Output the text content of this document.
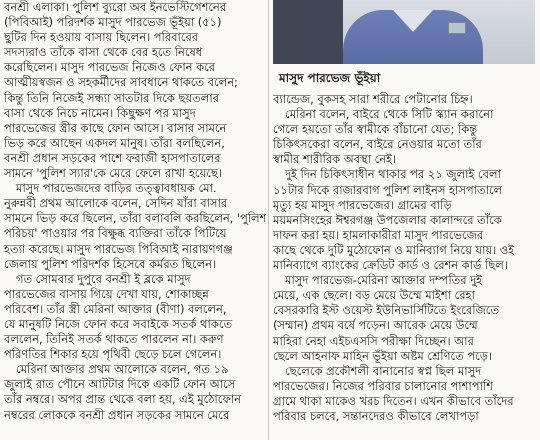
বনশ্রী এলাকা। পুলিশ ব্যুরো অব ইনভেস্টিগেশনের
(পিবিআই) পরিদর্শক মাসুদ পারভেজ ভূঁইয়া (৫১)
ছুটির দিন হওয়ায় বাসায় ছিলেন। পরিবারের
সদস্যরাও তাঁকে বাসা থেকে বের হতে নিষেধ
করেছিলেন। মাসুদ পারভেজ নিজেও ফোন করে
আত্মীয়স্বজন ও সহকর্মীদের সাবধানে থাকতে বলেন;
কিন্তু তিনি নিজেই সন্ধ্যা সাতটার দিকে ছয়তলার
বাসা থেকে নিচে নামেন। কিছুক্ষণ পর মাসুদ
পারভেজের স্ত্রীর কাছে ফোন আসে। বাসার সামনে
ভিড় করে আছেন একদল মানুষ। তাঁরা বলছিলেন,
বনশ্রী প্রধান সড়কের পাশে ফরাজী হাসপাতালের
সামনে 'পুলিশ স্যার'কে মেরে ফেলে রাখা হয়েছে।
মাসুদ পারভেজদের বাড়ির তত্ত্বাবধায়ক মো.
নুরুন্নবী প্রথম আলোকে বলেন, সেদিন যাঁরা বাসার
সামনে ভিড় করে ছিলেন, তাঁরা বলাবলি করছিলেন, 'পুলিশ
পরিচয়' পাওয়ার পর বিক্ষুব্ধ ব্যক্তিরা তাঁকে পিটিয়ে
হত্যা করেছে। মাসুদ পারভেজ পিবিআই নারায়ণগঞ্জ
জেলায় পুলিশ পরিদর্শক হিসেবে কর্মরত ছিলেন।
গত সোমবার দুপুরে বনশ্রী ই ব্লকে মাসুদ
পারভেজের বাসায় গিয়ে দেখা যায়, শোকাচ্ছন্ন
পরিবেশ। তাঁর স্ত্রী মেরিনা আক্তার (বীণা) বললেন,
যে মানুষটি নিজে ফোন করে সবাইকে সতর্ক থাকতে
বললেন, তিনিই সতর্ক থাকতে পারলেন না। করুণ
পরিণতির শিকার হয়ে পৃথিবী ছেড়ে চলে গেলেন।
মেরিনা আক্তার প্রথম আলোকে বলেন, গত ১৯
জুলাই রাত পৌনে আটটার দিকে একটি ফোন আসে
তাঁর নম্বরে। অপর প্রান্ত থেকে বলা হয়, এই মুঠোফোন
নম্বরের লোককে বনশ্রী প্রধান সড়কের সামনে মেরে
মাসুদ পারভেজ ভূঁইয়া
ব্যান্ডেজ, বুকসহ সারা শরীরে পেটানোর চিহ্ন।
মেরিনা বলেন, বাইরে থেকে সিটি স্ক্যান করানো
গেলে হয়তো তাঁর স্বামীকে বাঁচানো যেত; কিন্তু
চিকিৎসকেরা বলেন, বাইরে নেওয়ার মতো তাঁর
স্বামীর শারীরিক অবস্থা নেই।
দুই দিন চিকিৎসাধীন থাকার পর ২১ জুলাই বেলা
১১টার দিকে রাজারবাগ পুলিশ লাইনস হাসপাতালে
মৃত্যু হয় মাসুদ পারভেজের। গ্রামের বাড়ি
ময়মনসিংহের ঈশ্বরগঞ্জ উপজেলার কালান্দরে তাঁকে
দাফন করা হয়। হামলাকারীরা মাসুদ পারভেজের
কাছে থেকে দুটি মুঠোফোন ও মানিব্যাগ নিয়ে যায়। ওই
মানিব্যাগে ব্যাংকের ক্রেডিট কার্ড ও রেশন কার্ড ছিল।
মাসুদ পারভেজ-মেরিনা আক্তার দম্পতির দুই
মেয়ে, এক ছেলে। বড় মেয়ে উম্মে মাইশা রেহা
বেসরকারি ইস্ট ওয়েস্ট ইউনিভার্সিটিতে ইংরেজিতে
(সম্মান) প্রথম বর্ষে পড়েন। আরেক মেয়ে উম্মে
মাহিরা নেহা এইচএসসি পরীক্ষা দিচ্ছেন। আর
ছেলে আহনাফ মাহিন ভূঁইয়া অষ্টম শ্রেণিতে পড়ে।
ছেলেকে প্রকৌশলী বানানোর স্বপ্ন ছিল মাসুদ
পারভেজের। নিজের পরিবার চালানোর পাশাপাশি
গ্রামে থাকা মাকেও খরচ দিতেন। এখন কীভাবে তাঁদের
পরিবার চলবে, সন্তানদেরও কীভাবে লেখাপড়া
